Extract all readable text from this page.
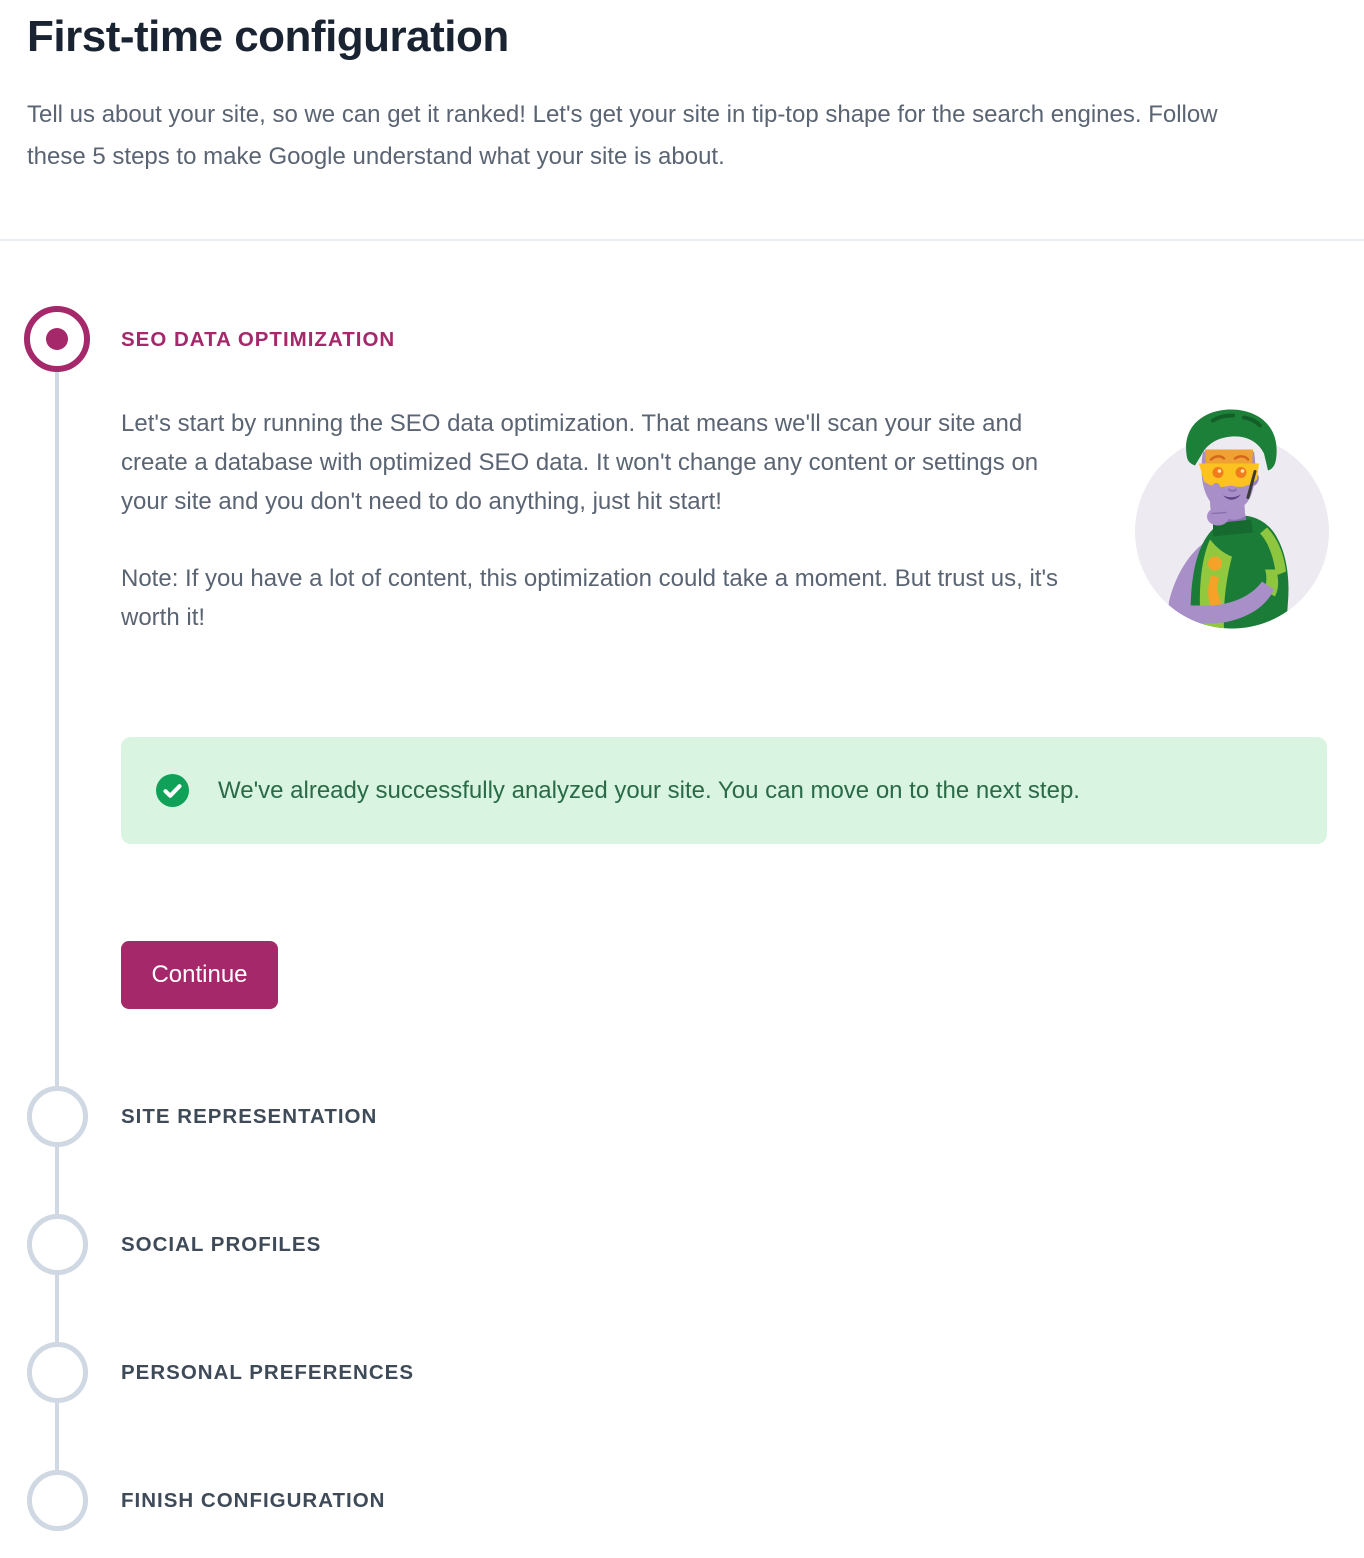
First-time configuration

Tell us about your site, so we can get it ranked! Let's get your site in tip-top shape for the search engines. Follow these 5 steps to make Google understand what your site is about.

SEO DATA OPTIMIZATION

Let's start by running the SEO data optimization. That means we'll scan your site and create a database with optimized SEO data. It won't change any content or settings on your site and you don't need to do anything, just hit start!

Note: If you have a lot of content, this optimization could take a moment. But trust us, it's worth it!

We've already successfully analyzed your site. You can move on to the next step.
Continue
SITE REPRESENTATION
SOCIAL PROFILES
PERSONAL PREFERENCES
FINISH CONFIGURATION
